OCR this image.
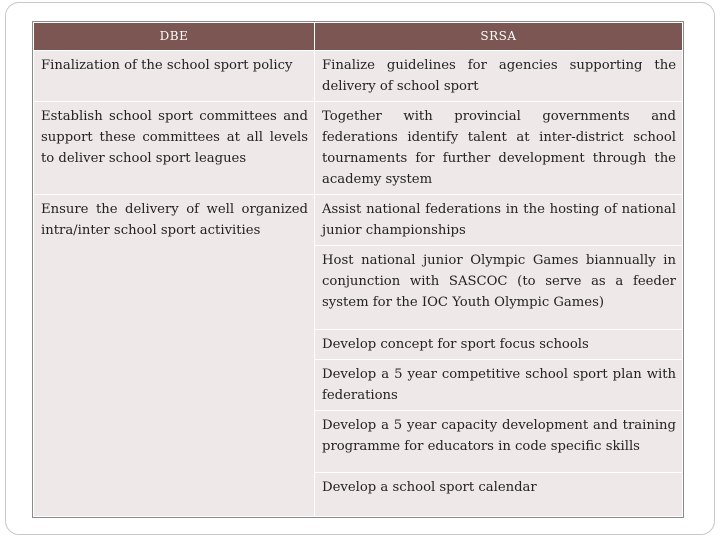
DBE	SRSA
Finalization of the school sport policy	Finalize guidelines for agencies supporting the delivery of school sport
Establish school sport committees and support these committees at all levels to deliver school sport leagues	Together with provincial governments and federations identify talent at inter-district school tournaments for further development through the academy system
Ensure the delivery of well organized intra/inter school sport activities	Assist national federations in the hosting of national junior championships
	Host national junior Olympic Games biannually in conjunction with SASCOC (to serve as a feeder system for the IOC Youth Olympic Games)
	Develop concept for sport focus schools
	Develop a 5 year competitive school sport plan with federations
	Develop a 5 year capacity development and training programme for educators in code specific skills
	Develop a school sport calendar
